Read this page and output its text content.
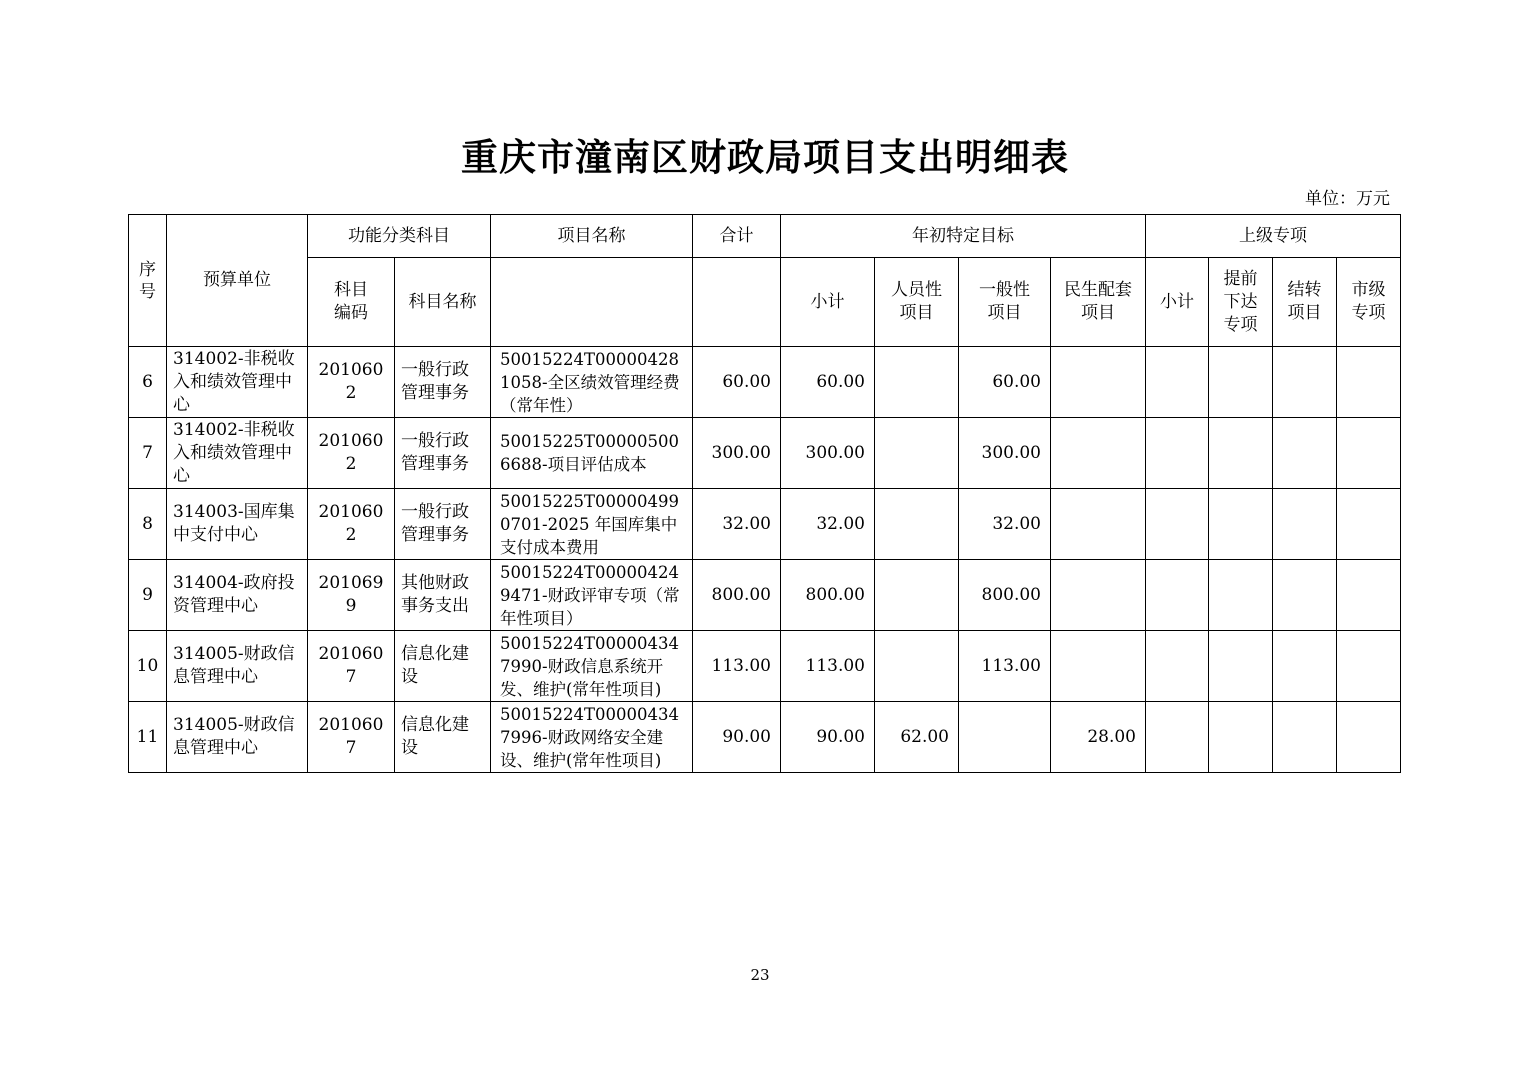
重庆市潼南区财政局项目支出明细表
单位：万元
序号	预算单位	功能分类科目		项目名称	合计	年初特定目标				上级专项			

		科目编码	科目名称			小计	人员性项目	一般性项目	民生配套项目	小计	提前下达专项	结转项目	市级专项

6	314002-非税收入和绩效管理中心	2010602	一般行政管理事务	50015224T000004281058-全区绩效管理经费（常年性）	60.00	60.00		60.00					
7	314002-非税收入和绩效管理中心	2010602	一般行政管理事务	50015225T000005006688-项目评估成本	300.00	300.00		300.00					
8	314003-国库集中支付中心	2010602	一般行政管理事务	50015225T000004990701-2025 年国库集中支付成本费用	32.00	32.00		32.00					
9	314004-政府投资管理中心	2010699	其他财政事务支出	50015224T000004249471-财政评审专项（常年性项目）	800.00	800.00		800.00					
10	314005-财政信息管理中心	2010607	信息化建设	50015224T000004347990-财政信息系统开发、维护(常年性项目)	113.00	113.00		113.00					
11	314005-财政信息管理中心	2010607	信息化建设	50015224T000004347996-财政网络安全建设、维护(常年性项目)	90.00	90.00	62.00		28.00				
23
